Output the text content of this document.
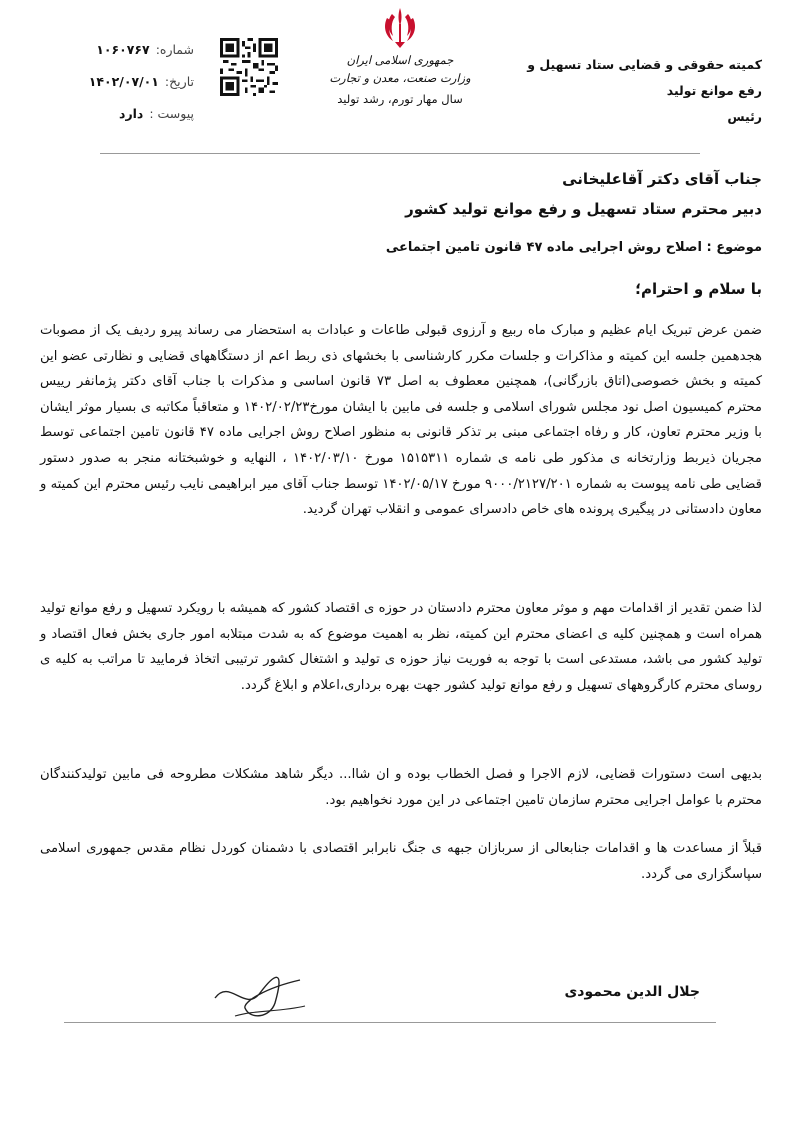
کمیته حقوقی و قضایی ستاد تسهیل و رفع موانع تولید
رئیس
جمهوری اسلامی ایران
وزارت صنعت، معدن و تجارت
سال مهار تورم، رشد تولید
شماره:
۱۰۶۰۷۶۷
تاریخ:
۱۴۰۲/۰۷/۰۱
پیوست :
دارد
جناب آقای دکتر آقاعلیخانی
دبیر محترم ستاد تسهیل و رفع موانع تولید کشور
موضوع : اصلاح روش اجرایی ماده ۴۷ قانون تامین اجتماعی
با سلام و احترام؛
ضمن عرض تبریک ایام عظیم و مبارک ماه ربیع و آرزوی قبولی طاعات و عبادات به استحضار می رساند پیرو ردیف یک از مصوبات هجدهمین جلسه این کمیته و مذاکرات و جلسات مکرر کارشناسی با بخشهای ذی ربط اعم از دستگاههای قضایی و نظارتی عضو این کمیته و بخش خصوصی(اتاق بازرگانی)، همچنین معطوف به اصل ۷۳ قانون اساسی و مذکرات با جناب آقای دکتر پژمانفر رییس محترم کمیسیون اصل نود مجلس شورای اسلامی و جلسه فی مابین با ایشان مورخ۱۴۰۲/۰۲/۲۳ و متعاقباً مکاتبه ی بسیار موثر ایشان با وزیر محترم تعاون، کار و رفاه اجتماعی مبنی بر تذکر قانونی به منظور اصلاح روش اجرایی ماده ۴۷ قانون تامین اجتماعی توسط مجریان ذیربط وزارتخانه ی مذکور طی نامه ی شماره ۱۵۱۵۳۱۱ مورخ ۱۴۰۲/۰۳/۱۰ ، النهایه و خوشبختانه منجر به صدور دستور قضایی طی نامه پیوست به شماره ۹۰۰۰/۲۱۲۷/۲۰۱ مورخ ۱۴۰۲/۰۵/۱۷ توسط جناب آقای میر ابراهیمی نایب رئیس محترم این کمیته و معاون دادستانی در پیگیری پرونده های خاص دادسرای عمومی و انقلاب تهران گردید.
لذا ضمن تقدیر از اقدامات مهم و موثر معاون محترم دادستان در حوزه ی اقتصاد کشور که همیشه با رویکرد تسهیل و رفع موانع تولید همراه است و همچنین کلیه ی اعضای محترم این کمیته، نظر به اهمیت موضوع که به شدت مبتلابه امور جاری بخش فعال اقتصاد و تولید کشور می باشد، مستدعی است با توجه به فوریت نیاز حوزه ی تولید و اشتغال کشور ترتیبی اتخاذ فرمایید تا مراتب به کلیه ی روسای محترم کارگروههای تسهیل و رفع موانع تولید کشور جهت بهره برداری،اعلام و ابلاغ گردد.
بدیهی است دستورات قضایی، لازم الاجرا و فصل الخطاب بوده و ان شاا... دیگر شاهد مشکلات مطروحه فی مابین تولیدکنندگان محترم با عوامل اجرایی محترم سازمان تامین اجتماعی در این مورد نخواهیم بود.
قبلاً از مساعدت ها و اقدامات جنابعالی از سربازان جبهه ی جنگ نابرابر اقتصادی با دشمنان کوردل نظام مقدس جمهوری اسلامی سپاسگزاری می گردد.
جلال الدین محمودی
